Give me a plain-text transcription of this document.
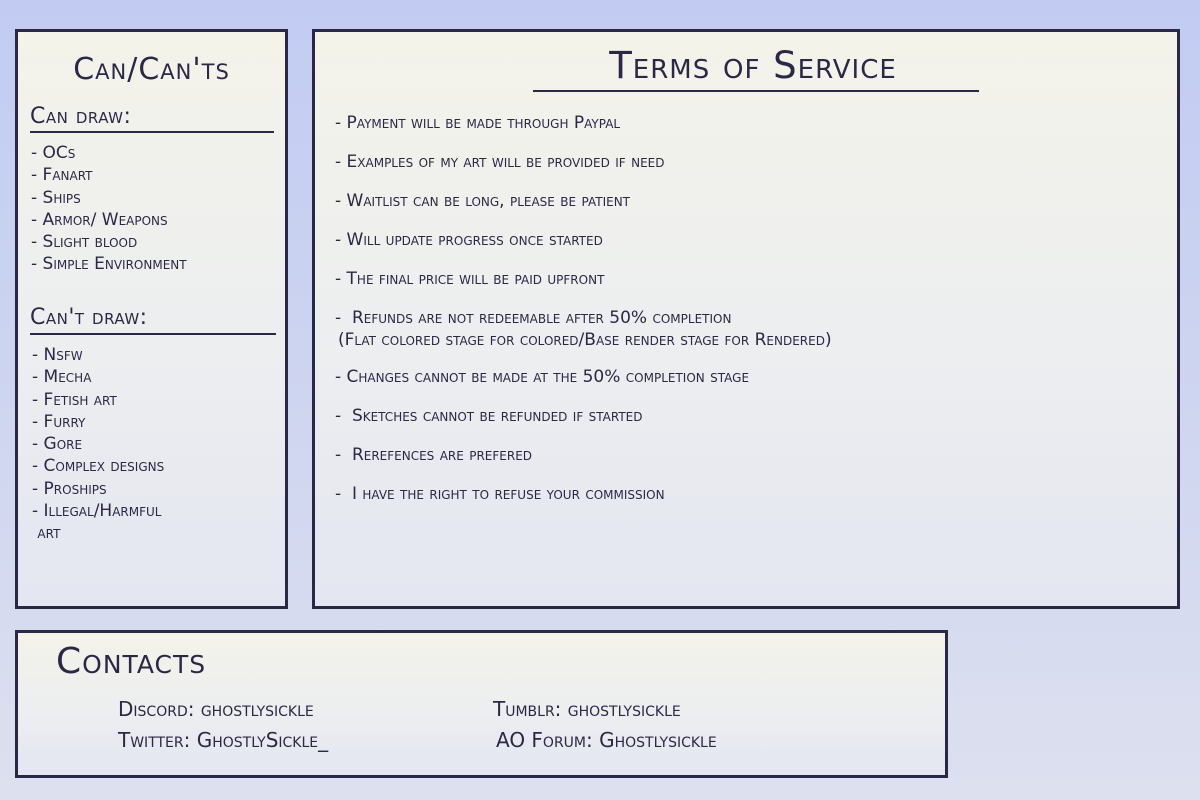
Can/Can'ts
Can draw:
- OCs
- Fanart
- Ships
- Armor/ Weapons
- Slight blood
- Simple Environment
Can't draw:
- Nsfw
- Mecha
- Fetish art
- Furry
- Gore
- Complex designs
- Proships
- Illegal/Harmful
art
Terms of Service
- Payment will be made through Paypal
- Examples of my art will be provided if need
- Waitlist can be long, please be patient
- Will update progress once started
- The final price will be paid upfront
-  Refunds are not redeemable after 50% completion
(Flat colored stage for colored/Base render stage for Rendered)
- Changes cannot be made at the 50% completion stage
-  Sketches cannot be refunded if started
-  Rerefences are prefered
-  I have the right to refuse your commission
Contacts
Discord: ghostlysickle	Tumblr: ghostlysickle
Twitter: GhostlySickle_	AO Forum: Ghostlysickle
